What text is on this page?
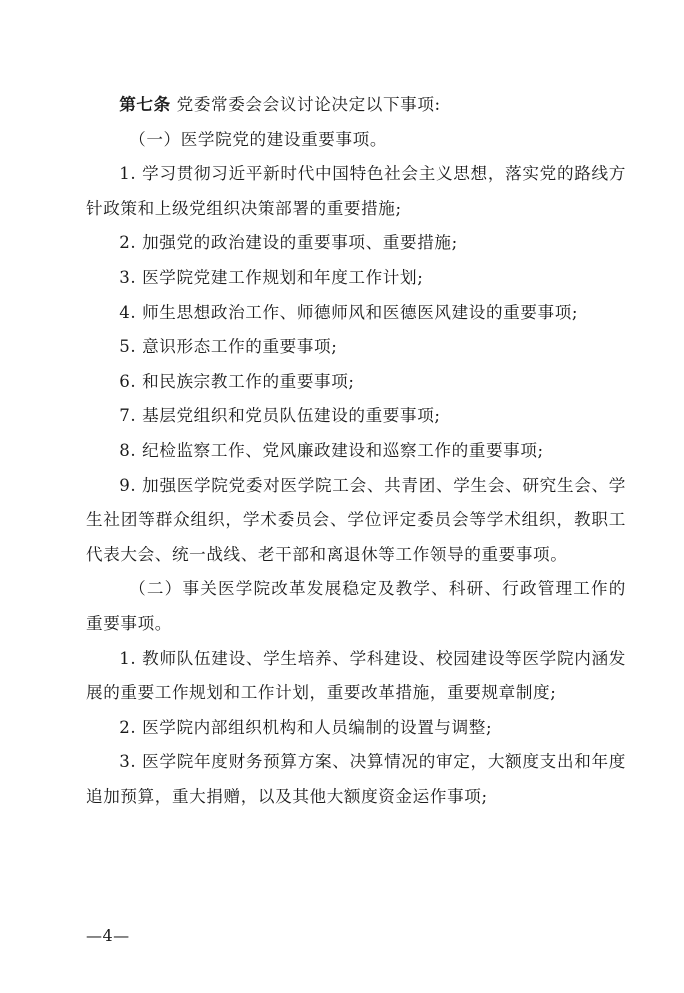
第七条 党委常委会会议讨论决定以下事项:

（一）医学院党的建设重要事项。

1. 学习贯彻习近平新时代中国特色社会主义思想，落实党的路线方针政策和上级党组织决策部署的重要措施;

2. 加强党的政治建设的重要事项、重要措施;

3. 医学院党建工作规划和年度工作计划;

4. 师生思想政治工作、师德师风和医德医风建设的重要事项;

5. 意识形态工作的重要事项;

6. 和民族宗教工作的重要事项;

7. 基层党组织和党员队伍建设的重要事项;

8. 纪检监察工作、党风廉政建设和巡察工作的重要事项;

9. 加强医学院党委对医学院工会、共青团、学生会、研究生会、学生社团等群众组织，学术委员会、学位评定委员会等学术组织，教职工代表大会、统一战线、老干部和离退休等工作领导的重要事项。

（二）事关医学院改革发展稳定及教学、科研、行政管理工作的重要事项。

1. 教师队伍建设、学生培养、学科建设、校园建设等医学院内涵发展的重要工作规划和工作计划，重要改革措施，重要规章制度;

2. 医学院内部组织机构和人员编制的设置与调整;

3. 医学院年度财务预算方案、决算情况的审定，大额度支出和年度追加预算，重大捐赠，以及其他大额度资金运作事项;

—4—
